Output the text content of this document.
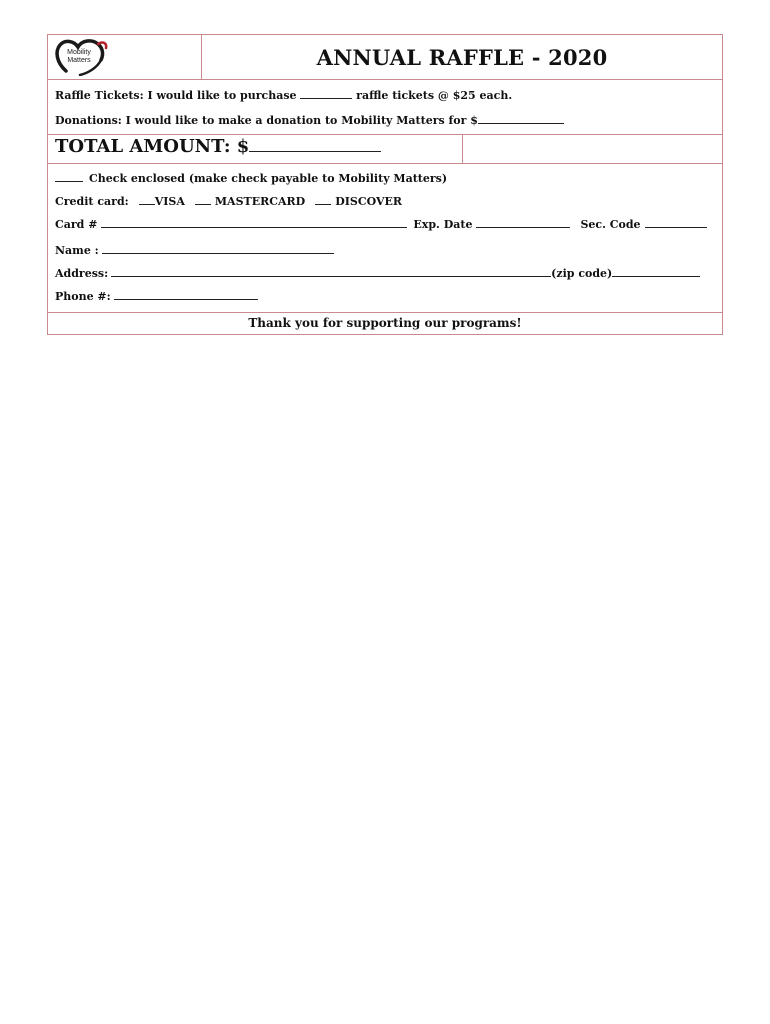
Mobility
Matters	ANNUAL RAFFLE - 2020
Raffle Tickets: I would like to purchase	raffle tickets @ $25 each.
Donations: I would like to make a donation to Mobility Matters for $
TOTAL AMOUNT: $
Check enclosed (make check payable to Mobility Matters)
Credit card: VISA	MASTERCARD	DISCOVER
Card #	Exp. Date	Sec. Code
Name :
Address:	(zip code)
Phone #:
Thank you for supporting our programs!
